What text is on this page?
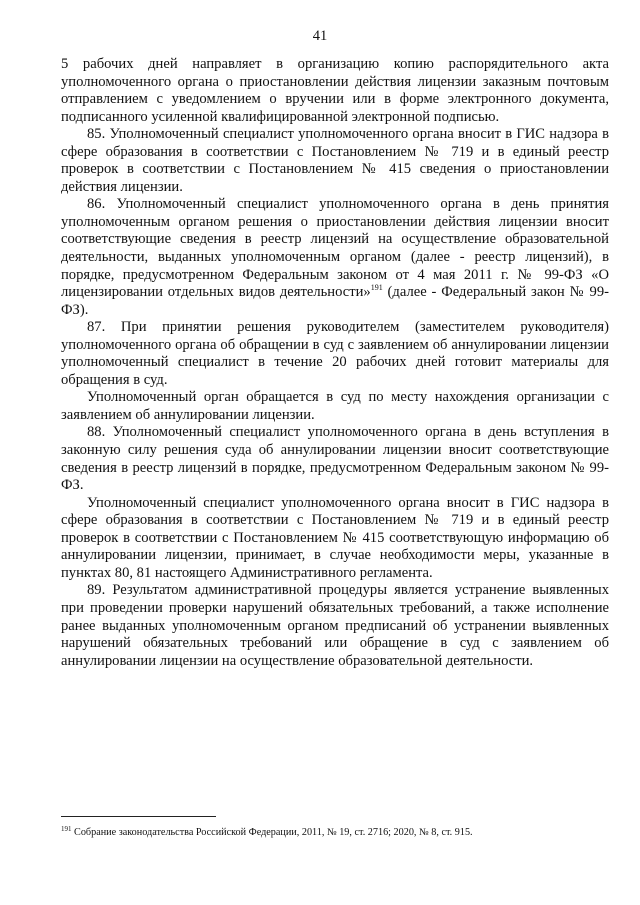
41

5 рабочих дней направляет в организацию копию распорядительного акта уполномоченного органа о приостановлении действия лицензии заказным почтовым отправлением с уведомлением о вручении или в форме электронного документа, подписанного усиленной квалифицированной электронной подписью.

85. Уполномоченный специалист уполномоченного органа вносит в ГИС надзора в сфере образования в соответствии с Постановлением № 719 и в единый реестр проверок в соответствии с Постановлением № 415 сведения о приостановлении действия лицензии.

86. Уполномоченный специалист уполномоченного органа в день принятия уполномоченным органом решения о приостановлении действия лицензии вносит соответствующие сведения в реестр лицензий на осуществление образовательной деятельности, выданных уполномоченным органом (далее - реестр лицензий), в порядке, предусмотренном Федеральным законом от 4 мая 2011 г. № 99-ФЗ «О лицензировании отдельных видов деятельности»$^{191}$ (далее - Федеральный закон № 99-ФЗ).

87. При принятии решения руководителем (заместителем руководителя) уполномоченного органа об обращении в суд с заявлением об аннулировании лицензии уполномоченный специалист в течение 20 рабочих дней готовит материалы для обращения в суд.

Уполномоченный орган обращается в суд по месту нахождения организации с заявлением об аннулировании лицензии.

88. Уполномоченный специалист уполномоченного органа в день вступления в законную силу решения суда об аннулировании лицензии вносит соответствующие сведения в реестр лицензий в порядке, предусмотренном Федеральным законом № 99-ФЗ.

Уполномоченный специалист уполномоченного органа вносит в ГИС надзора в сфере образования в соответствии с Постановлением № 719 и в единый реестр проверок в соответствии с Постановлением № 415 соответствующую информацию об аннулировании лицензии, принимает, в случае необходимости меры, указанные в пунктах 80, 81 настоящего Административного регламента.

89. Результатом административной процедуры является устранение выявленных при проведении проверки нарушений обязательных требований, а также исполнение ранее выданных уполномоченным органом предписаний об устранении выявленных нарушений обязательных требований или обращение в суд с заявлением об аннулировании лицензии на осуществление образовательной деятельности.

$^{191}$ Собрание законодательства Российской Федерации, 2011, № 19, ст. 2716; 2020, № 8, ст. 915.
